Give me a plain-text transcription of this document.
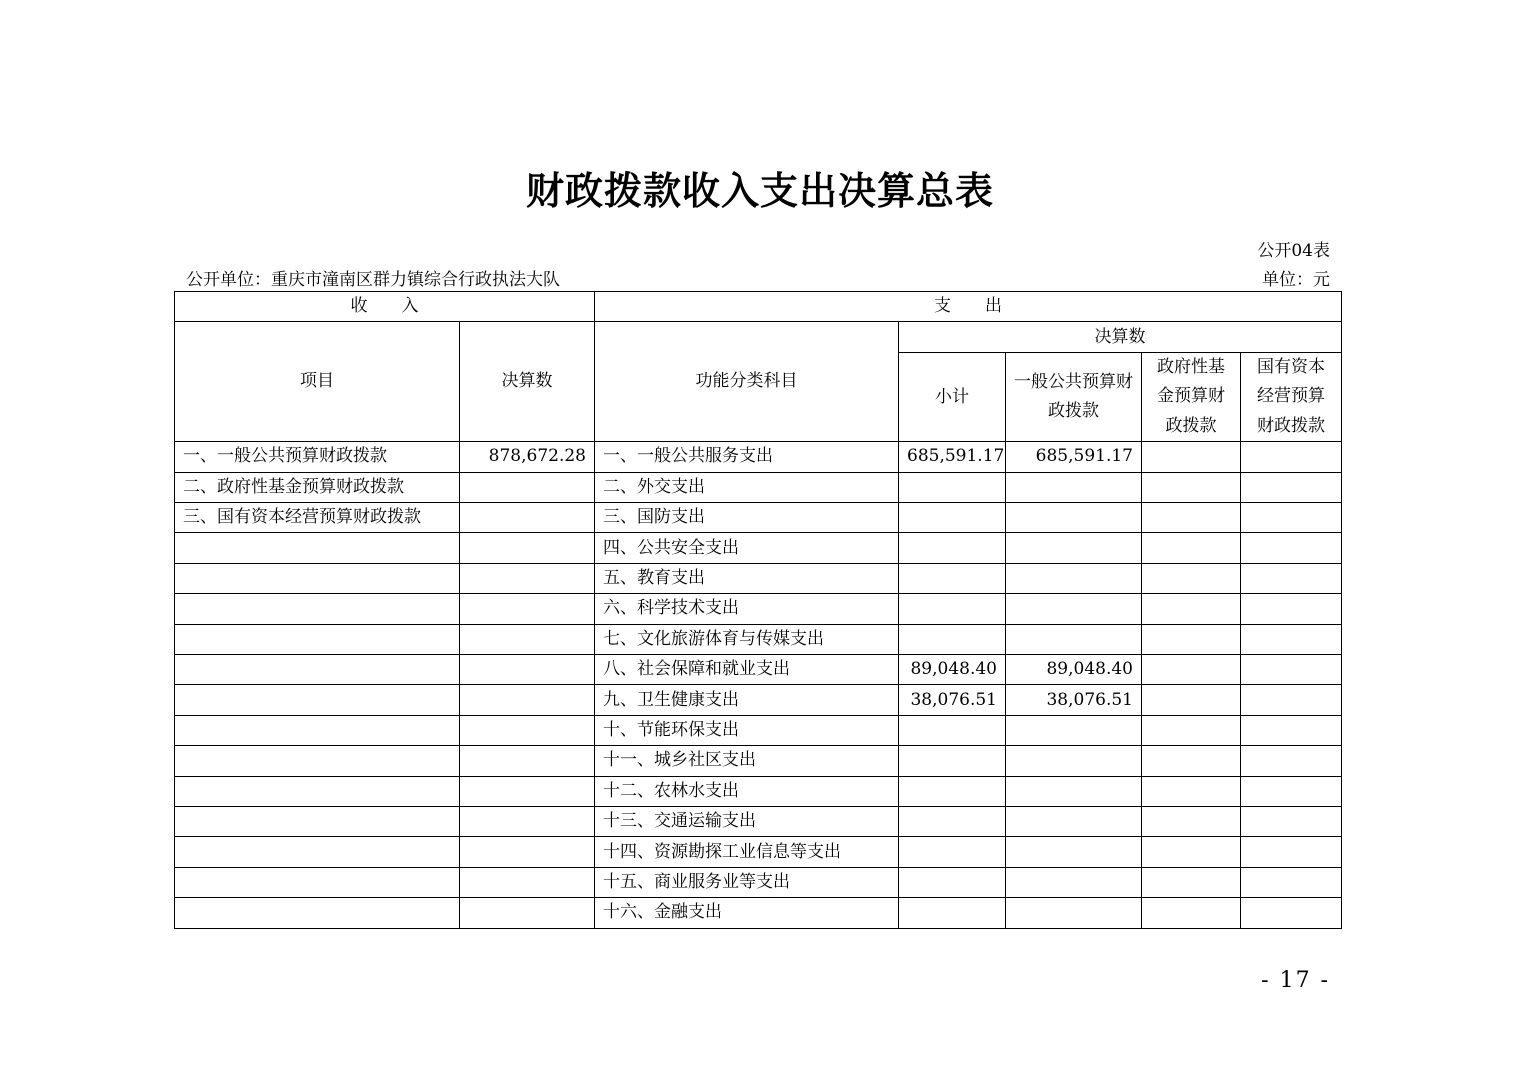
财政拨款收入支出决算总表
公开04表
公开单位：重庆市潼南区群力镇综合行政执法大队	单位：元
收　　入		支　　出				
项目	决算数	功能分类科目	决算数			
			小计	一般公共预算财政拨款	政府性基金预算财政拨款	国有资本经营预算财政拨款
一、一般公共预算财政拨款	878,672.28	一、一般公共服务支出	685,591.17	685,591.17		
二、政府性基金预算财政拨款		二、外交支出				
三、国有资本经营预算财政拨款		三、国防支出				
		四、公共安全支出				
		五、教育支出				
		六、科学技术支出				
		七、文化旅游体育与传媒支出				
		八、社会保障和就业支出	89,048.40	89,048.40		
		九、卫生健康支出	38,076.51	38,076.51		
		十、节能环保支出				
		十一、城乡社区支出				
		十二、农林水支出				
		十三、交通运输支出				
		十四、资源勘探工业信息等支出				
		十五、商业服务业等支出				
		十六、金融支出				
- 17 -
